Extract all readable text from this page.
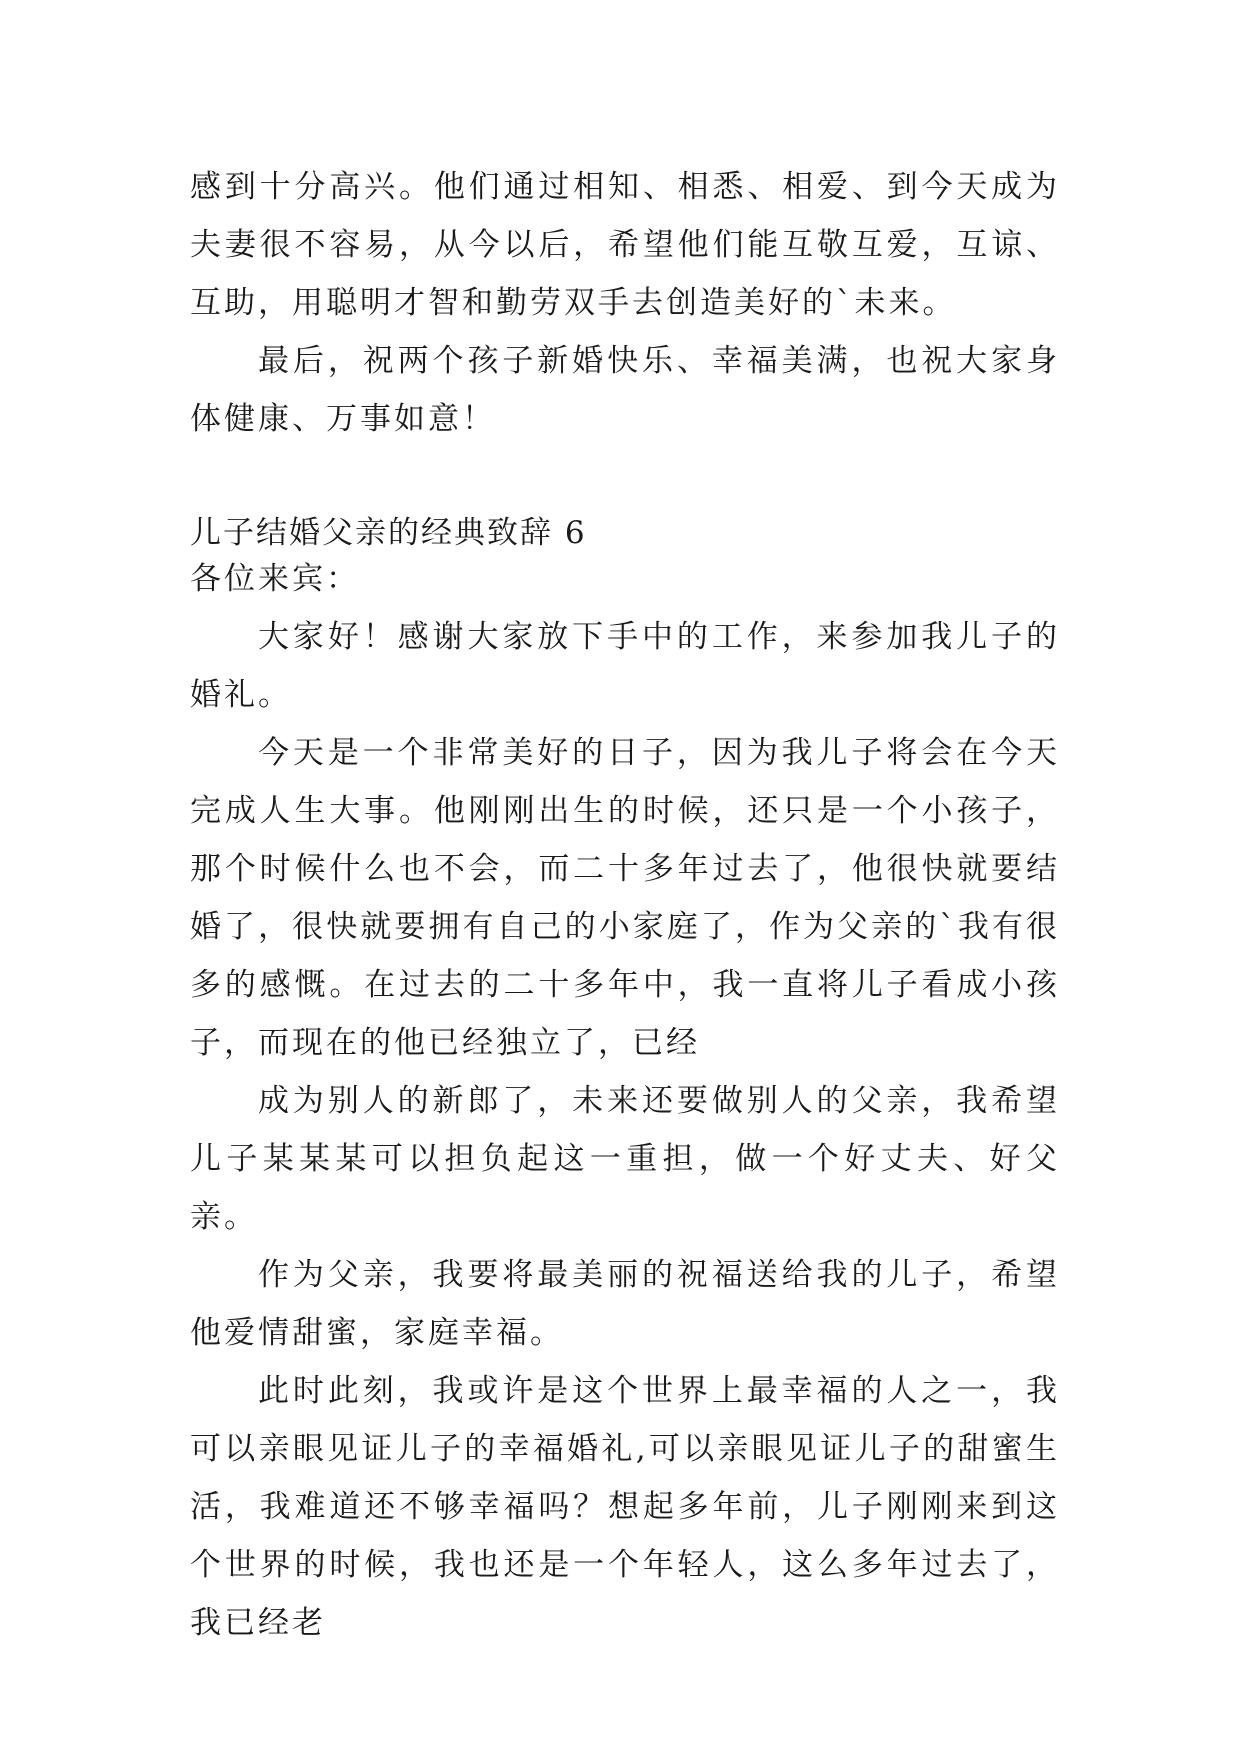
感到十分高兴。他们通过相知、相悉、相爱、到今天成为夫妻很不容易，从今以后，希望他们能互敬互爱，互谅、互助，用聪明才智和勤劳双手去创造美好的`未来。

最后，祝两个孩子新婚快乐、幸福美满，也祝大家身体健康、万事如意！

儿子结婚父亲的经典致辞 6

各位来宾：

大家好！感谢大家放下手中的工作，来参加我儿子的婚礼。

今天是一个非常美好的日子，因为我儿子将会在今天完成人生大事。他刚刚出生的时候，还只是一个小孩子，那个时候什么也不会，而二十多年过去了，他很快就要结婚了，很快就要拥有自己的小家庭了，作为父亲的`我有很多的感慨。在过去的二十多年中，我一直将儿子看成小孩子，而现在的他已经独立了，已经

成为别人的新郎了，未来还要做别人的父亲，我希望儿子某某某可以担负起这一重担，做一个好丈夫、好父亲。

作为父亲，我要将最美丽的祝福送给我的儿子，希望他爱情甜蜜，家庭幸福。

此时此刻，我或许是这个世界上最幸福的人之一，我可以亲眼见证儿子的幸福婚礼,可以亲眼见证儿子的甜蜜生活，我难道还不够幸福吗？想起多年前，儿子刚刚来到这个世界的时候，我也还是一个年轻人，这么多年过去了，我已经老
